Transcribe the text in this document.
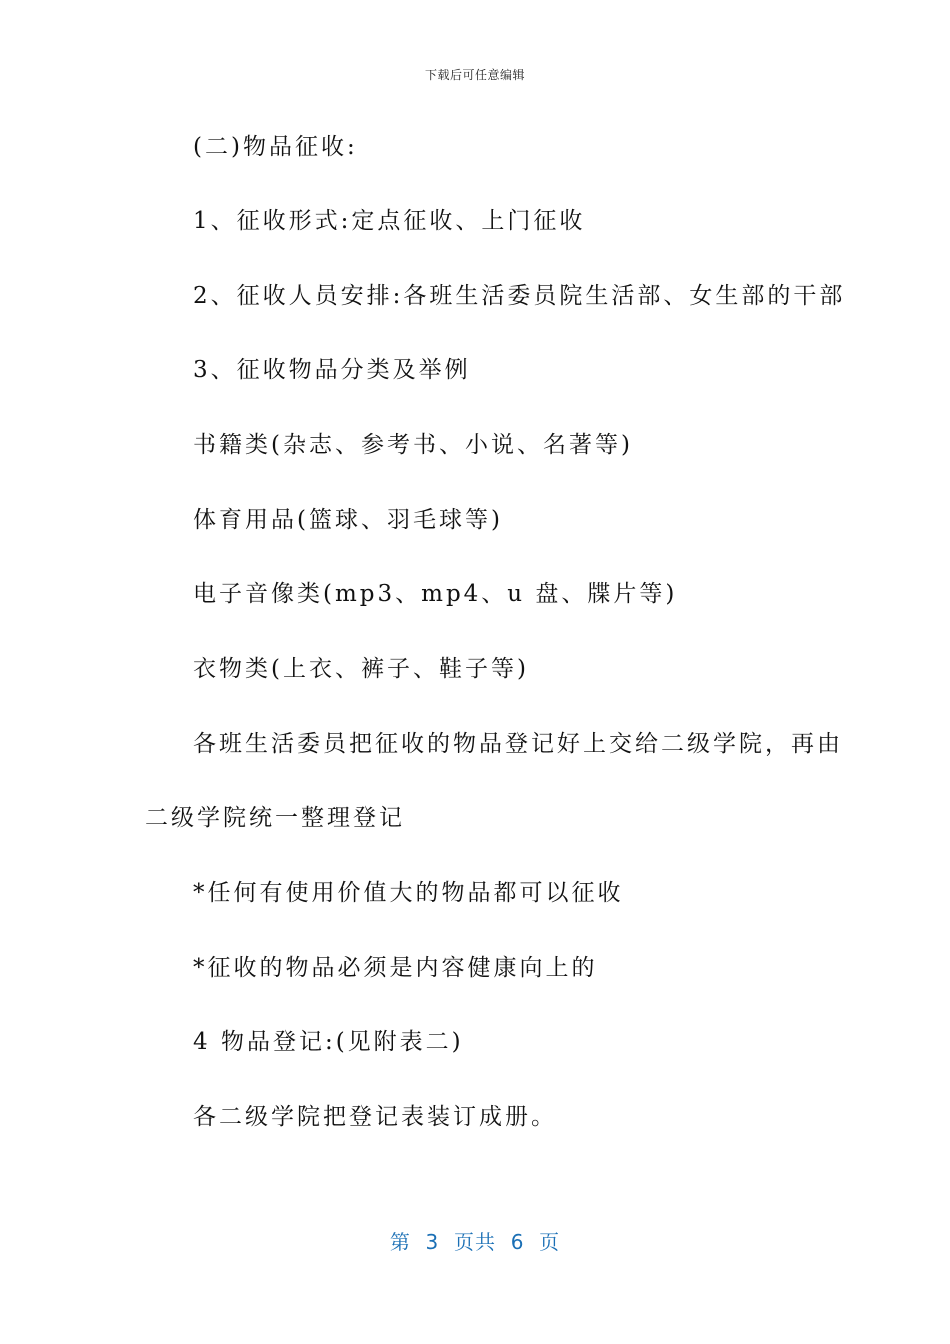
下载后可任意编辑
(二)物品征收:
1、征收形式:定点征收、上门征收
2、征收人员安排:各班生活委员院生活部、女生部的干部
3、征收物品分类及举例
书籍类(杂志、参考书、小说、名著等)
体育用品(篮球、羽毛球等)
电子音像类(mp3、mp4、u 盘、牒片等)
衣物类(上衣、裤子、鞋子等)
各班生活委员把征收的物品登记好上交给二级学院，再由
二级学院统一整理登记
*任何有使用价值大的物品都可以征收
*征收的物品必须是内容健康向上的
4 物品登记:(见附表二)
各二级学院把登记表装订成册。
第  3  页共  6  页
